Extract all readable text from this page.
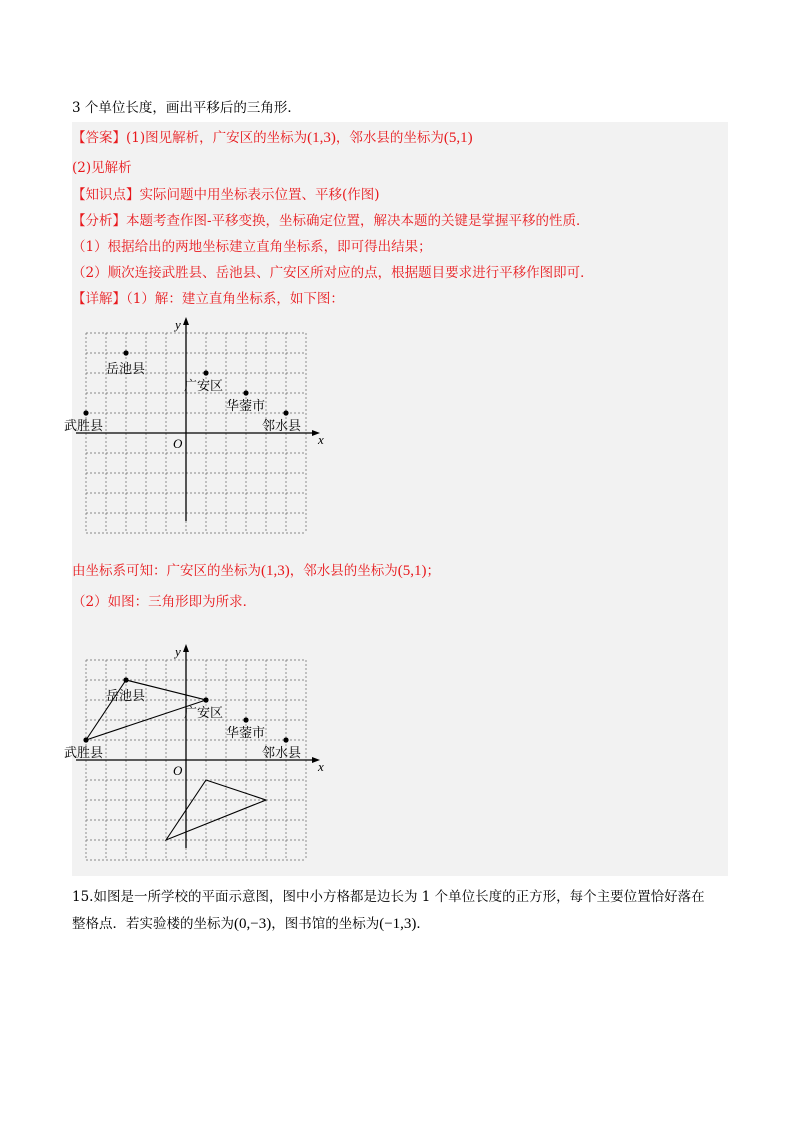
3 个单位长度，画出平移后的三角形．
【答案】(1)图见解析，广安区的坐标为(1,3)，邻水县的坐标为(5,1)
(2)见解析
【知识点】实际问题中用坐标表示位置、平移(作图)
【分析】本题考查作图-平移变换，坐标确定位置，解决本题的关键是掌握平移的性质．
（1）根据给出的两地坐标建立直角坐标系，即可得出结果；
（2）顺次连接武胜县、岳池县、广安区所对应的点，根据题目要求进行平移作图即可．
【详解】（1）解：建立直角坐标系，如下图：
x
y
O
岳池县
广安区
华蓥市
邻水县
武胜县
由坐标系可知：广安区的坐标为(1,3)，邻水县的坐标为(5,1)；
（2）如图：三角形即为所求．
x
y
O
岳池县
广安区
华蓥市
邻水县
武胜县
15.如图是一所学校的平面示意图，图中小方格都是边长为 1 个单位长度的正方形，每个主要位置恰好落在
整格点．若实验楼的坐标为(0,−3)，图书馆的坐标为(−1,3)．
